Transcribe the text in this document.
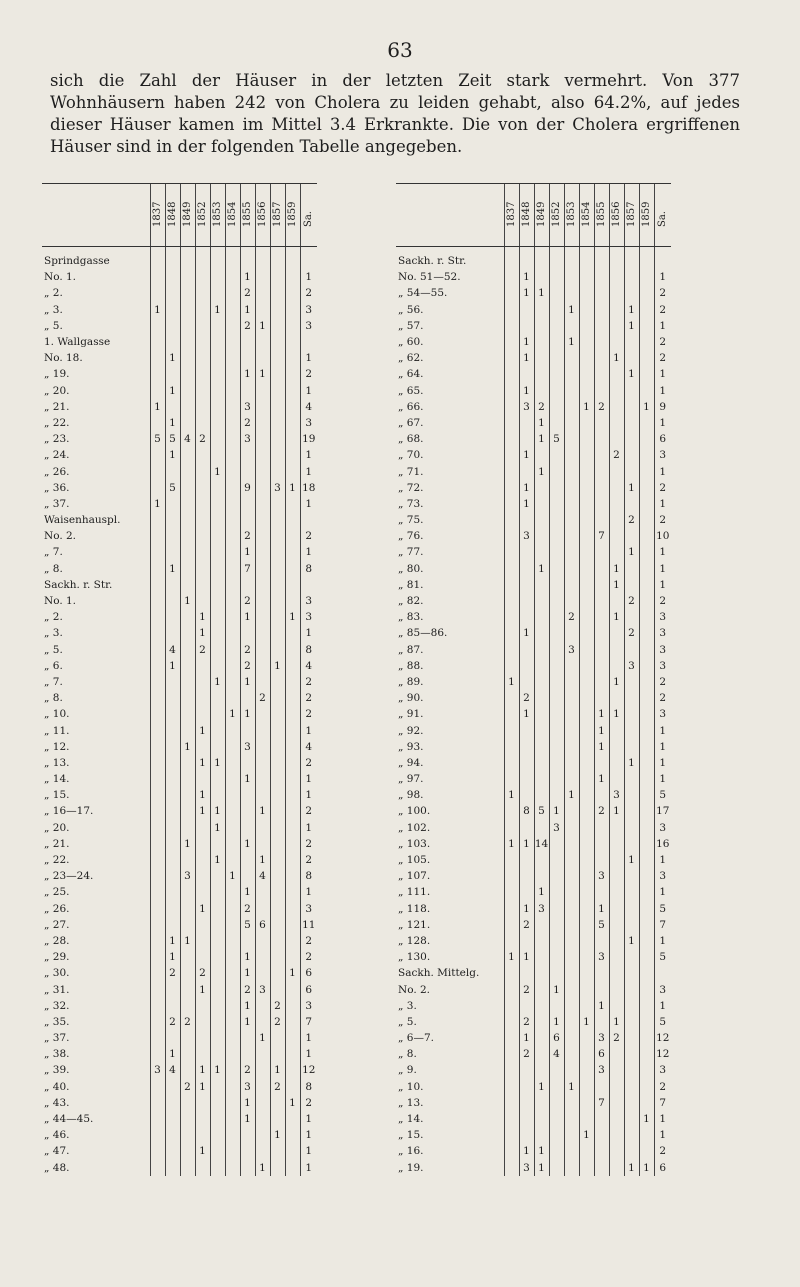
63

sich die Zahl der Häuser in der letzten Zeit stark vermehrt. Von 377 Wohnhäusern haben 242 von Cholera zu leiden gehabt, also 64.2%, auf jedes dieser Häuser kamen im Mittel 3.4 Erkrankte. Die von der Cholera ergriffenen Häuser sind in der folgenden Tabelle angegeben.

	1837	1848	1849	1852	1853	1854	1855	1856	1857	1859	Sa.
Sprindgasse											
No. 1.							1				1
„ 2.							2				2
„ 3.	1				1		1				3
„ 5.							2	1			3
1. Wallgasse											
No. 18.		1									1
„ 19.							1	1			2
„ 20.		1									1
„ 21.	1						3				4
„ 22.		1					2				3
„ 23.	5	5	4	2			3				19
„ 24.		1									1
„ 26.					1						1
„ 36.		5					9		3	1	18
„ 37.	1										1
Waisenhauspl.											
No. 2.							2				2
„ 7.							1				1
„ 8.		1					7				8
Sackh. r. Str.											
No. 1.			1				2				3
„ 2.				1			1			1	3
„ 3.				1							1
„ 5.		4		2			2				8
„ 6.		1					2		1		4
„ 7.					1		1				2
„ 8.								2			2
„ 10.						1	1				2
„ 11.				1							1
„ 12.			1				3				4
„ 13.				1	1						2
„ 14.							1				1
„ 15.				1							1
„ 16—17.				1	1			1			2
„ 20.					1						1
„ 21.			1				1				2
„ 22.					1			1			2
„ 23—24.			3			1		4			8
„ 25.							1				1
„ 26.				1			2				3
„ 27.							5	6			11
„ 28.		1	1								2
„ 29.		1					1				2
„ 30.		2		2			1			1	6
„ 31.				1			2	3			6
„ 32.							1		2		3
„ 35.		2	2				1		2		7
„ 37.								1			1
„ 38.		1									1
„ 39.	3	4		1	1		2		1		12
„ 40.			2	1			3		2		8
„ 43.							1			1	2
„ 44—45.							1				1
„ 46.									1		1
„ 47.				1							1
„ 48.								1			1
	1837	1848	1849	1852	1853	1854	1855	1856	1857	1859	Sa.
Sackh. r. Str.											
No. 51—52.		1									1
„ 54—55.		1	1								2
„ 56.					1				1		2
„ 57.									1		1
„ 60.		1			1						2
„ 62.		1						1			2
„ 64.									1		1
„ 65.		1									1
„ 66.		3	2			1	2			1	9
„ 67.			1								1
„ 68.			1	5							6
„ 70.		1						2			3
„ 71.			1								1
„ 72.		1							1		2
„ 73.		1									1
„ 75.									2		2
„ 76.		3					7				10
„ 77.									1		1
„ 80.			1					1			1
„ 81.								1			1
„ 82.									2		2
„ 83.					2			1			3
„ 85—86.		1							2		3
„ 87.					3						3
„ 88.									3		3
„ 89.	1							1			2
„ 90.		2									2
„ 91.		1					1	1			3
„ 92.							1				1
„ 93.							1				1
„ 94.									1		1
„ 97.							1				1
„ 98.	1				1			3			5
„ 100.		8	5	1			2	1			17
„ 102.				3							3
„ 103.	1	1	14								16
„ 105.									1		1
„ 107.							3				3
„ 111.			1								1
„ 118.		1	3				1				5
„ 121.		2					5				7
„ 128.									1		1
„ 130.	1	1					3				5
Sackh. Mittelg.											
No. 2.		2		1							3
„ 3.							1				1
„ 5.		2		1		1		1			5
„ 6—7.		1		6			3	2			12
„ 8.		2		4			6				12
„ 9.							3				3
„ 10.			1		1						2
„ 13.							7				7
„ 14.										1	1
„ 15.						1					1
„ 16.		1	1								2
„ 19.		3	1						1	1	6
